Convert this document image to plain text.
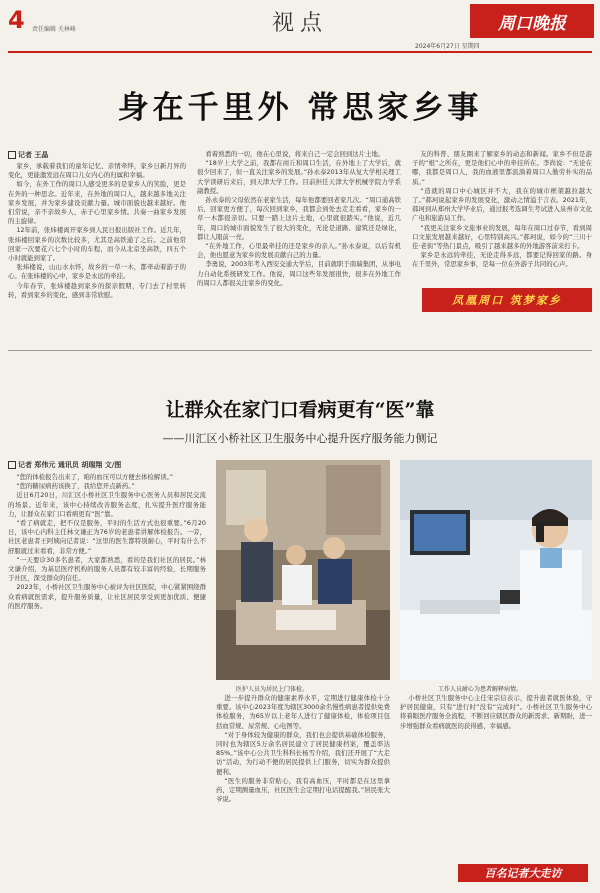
4 责任编辑 关林峰	视点	周口晚报
2024年6月27日 星期四
身在千里外 常思家乡事
记者 王晶

家乡，承载着我们的童年记忆、亲情牵绊，家乡日新月异的变化，更能激发远在周口儿女内心的归属和幸福。

如今，在外工作的周口人感受更多的是家乡人的笑脸，更是在外的一种思念。近年来，在外地的周口人，越来越多地关注家乡发展，并为家乡建设贡献力量。城市面貌也越来越好。他们常说，亲不亲故乡人，赤子心里家乡情。共奏一曲家乡发展的主旋律。

12年前，张炜楼离开家乡到人民日报出版社工作。近几年，张炜楼回家乡的次数比较多，尤其是高铁通了之后。之前他常回家一次要花六七个小时的车程，而今从北京坐高铁，四五个小时就能到家了。

张炜楼说，山山水水怀，故乡的一草一木，都牵动着游子的心。在张炜楼的心中，家乡是永远的牵挂。

今年春节，张炜楼趁到家乡的探亲假期，专门去了村里转转，看到家乡的变化，感到非常欣慰。

看着熟悉的一切，他在心里说，将来自己一定会回到这片土地。

“18岁上大学之前，我都在商丘和周口生活，在外地上了大学后，就很少回来了，但一直关注家乡的发展。”孙永泰2013年从复大学相关理工大学读研后来后，到天津大学工作。目前担任天津大学机械学院力学系副教授。

孙永泰的父母依然在老家生活，每年他都要回老家几次。“周口通高铁后，回家更方便了，每次回到家乡，我都会到处去走走看看，家乡的一草一木都很亲切。只要一踏上这片土地，心里就很踏实。”他说，近几年，周口的城市面貌发生了很大的变化，无论是道路、建筑还是绿化，都让人眼前一亮。

“在外地工作，心里最牵挂的还是家乡的亲人。”孙永泰说，以后有机会，他也愿意为家乡的发展贡献自己的力量。

李勇说，2003年考入西安交通大学后，目前就职于南瑞集团，从事电力自动化系统研发工作。他说，周口这些年发展很快，很多在外地工作的周口人都很关注家乡的变化。

友的科普、朋友圈来了解家乡的动态和新闻。家乡不但是游子的“根”之所在，更是他们心中的牵挂所在。李尚说：“无论在哪，我都是周口人，我的血液里都流淌着周口人勤劳朴实的品质。”

“造就的周口中心城区并不大，我在的城市框架越拉越大了。”郝珂说起家乡的发展变化，激动之情溢于言表。2021年，郝珂到从郑州大学毕业后，通过报考选调生考试进入泉州市文化广电和旅游局工作。

“我更关注家乡文旅事业的发展，每年在周口过春节，看到周口文旅发展越来越好，心里特别高兴。”郝珂说，如今的“三川十佳·老街”等热门景点，吸引了越来越多的外地游客前来打卡。

家乡是永远的牵挂，无论走得多远，都要记得回家的路。身在千里外，常思家乡事，是每一位在外游子共同的心声。

凤凰周口 筑梦家乡
让群众在家门口看病更有“医”靠
——川汇区小桥社区卫生服务中心提升医疗服务能力侧记
记者 郑伟元 通讯员 胡瑞翔 文/图

“您的体检报告出来了，咱的血压可以方便去体检解读。”

“您的糖尿病药该换了，我给您开点新药。”

近日6月20日，川汇区小桥社区卫生服务中心医务人员和居民交流的场景。近年来，该中心持续改善服务态度，扎实提升医疗服务能力，让群众在家门口看病更有“医”靠。

“看了病就走，把不仅是服务，平时的生活方式也很重要。”6月20日，该中心内科主任林文谦正为76岁的老患者讲解体检报告。一旁，社区老患者王阿姨向记者说：“这里的医生都特别耐心，平时有什么不舒服就过来看看，非常方便。”

“一天要诊30多名患者，大家都熟悉，看的是我们社区的居民。”林文谦介绍，为基层医疗机构的服务人员都有较丰富的经验，长期服务于社区，深受群众的信任。

2023年，小桥社区卫生服务中心被评为社区医院，中心紧紧围绕群众看病就医需求，提升服务质量，让社区居民享受到更加优质、便捷的医疗服务。

医护人员为居民上门体检。	工作人员耐心为患者解释病情。

进一步提升群众的健康素养水平，定期进行健康体检十分重要。该中心2023年度为辖区3000余名慢性病患者提供免费体检服务，为65岁以上老年人进行了健康体检，体检项目包括血常规、尿常规、心电图等。

“对于身体较为健康的群众，我们也会提供基础体检服务，同时也为辖区5万余名居民建立了居民健康档案，覆盖率达85%。”该中心公共卫生科科长杨雪介绍，我们还开展了“大走访”活动，为行动不便的居民提供上门服务，切实为群众提供便利。

“医生的服务非常贴心，我有高血压，平时都是在这里拿药，定期测量血压，社区医生会定期打电话提醒我。”居民张大爷说。

小桥社区卫生服务中心主任宋宗信表示，提升患者就医体验，守护居民健康，只有“进行时”没有“完成时”。小桥社区卫生服务中心将着眼医疗服务全流程，不断回应辖区群众的新需求、新期盼，进一步增强群众看病就医的获得感、幸福感。

百名记者大走访
